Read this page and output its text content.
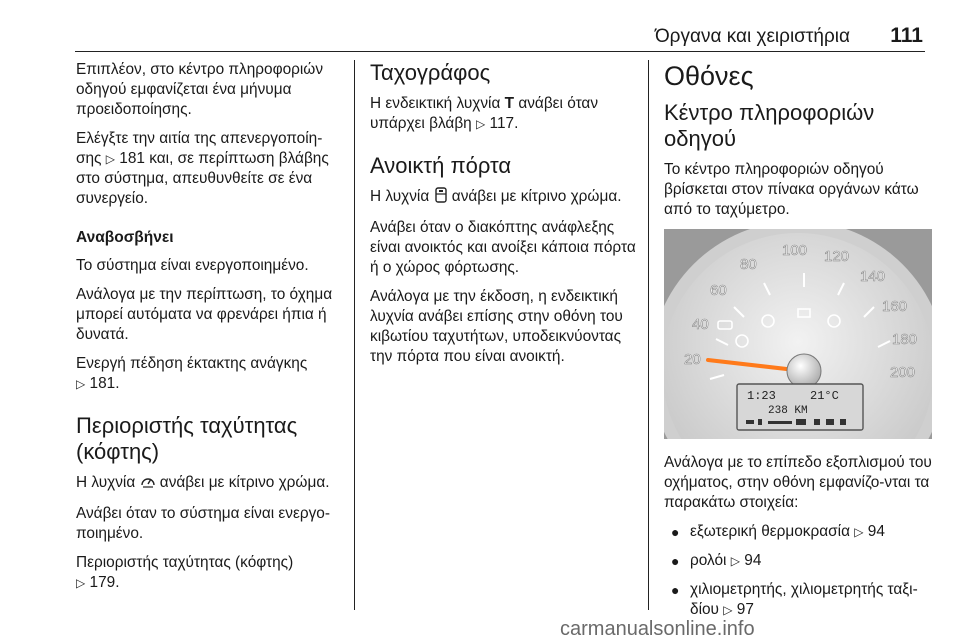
Όργανα και χειριστήρια 111

Επιπλέον, στο κέντρο πληροφοριών οδηγού εμφανίζεται ένα μήνυμα προειδοποίησης.

Ελέγξτε την αιτία της απενεργοποίη-σης ▷ 181 και, σε περίπτωση βλάβης στο σύστημα, απευθυνθείτε σε ένα συνεργείο.

Αναβοσβήνει

Το σύστημα είναι ενεργοποιημένο.

Ανάλογα με την περίπτωση, το όχημα μπορεί αυτόματα να φρενάρει ήπια ή δυνατά.

Ενεργή πέδηση έκτακτης ανάγκης
▷ 181.

Περιοριστής ταχύτητας (κόφτης)

Η λυχνία  ανάβει με κίτρινο χρώμα.

Ανάβει όταν το σύστημα είναι ενεργο-ποιημένο.

Περιοριστής ταχύτητας (κόφτης)
▷ 179.

Ταχογράφος

Η ενδεικτική λυχνία T ανάβει όταν υπάρχει βλάβη ▷ 117.

Ανοικτή πόρτα

Η λυχνία  ανάβει με κίτρινο χρώμα.

Ανάβει όταν ο διακόπτης ανάφλεξης είναι ανοικτός και ανοίξει κάποια πόρτα ή ο χώρος φόρτωσης.

Ανάλογα με την έκδοση, η ενδεικτική λυχνία ανάβει επίσης στην οθόνη του κιβωτίου ταχυτήτων, υποδεικνύοντας την πόρτα που είναι ανοικτή.

Οθόνες
Κέντρο πληροφοριών οδηγού

Το κέντρο πληροφοριών οδηγού βρίσκεται στον πίνακα οργάνων κάτω από το ταχύμετρο.

20
40
60
80
100 120
140
160
180
200
1:23	21°C
238 KM

Ανάλογα με το επίπεδο εξοπλισμού του οχήματος, στην οθόνη εμφανίζο-νται τα παρακάτω στοιχεία:

● εξωτερική θερμοκρασία ▷ 94
● ρολόι ▷ 94
● χιλιομετρητής, χιλιομετρητής ταξι-δίου ▷ 97
carmanualsonline.info
